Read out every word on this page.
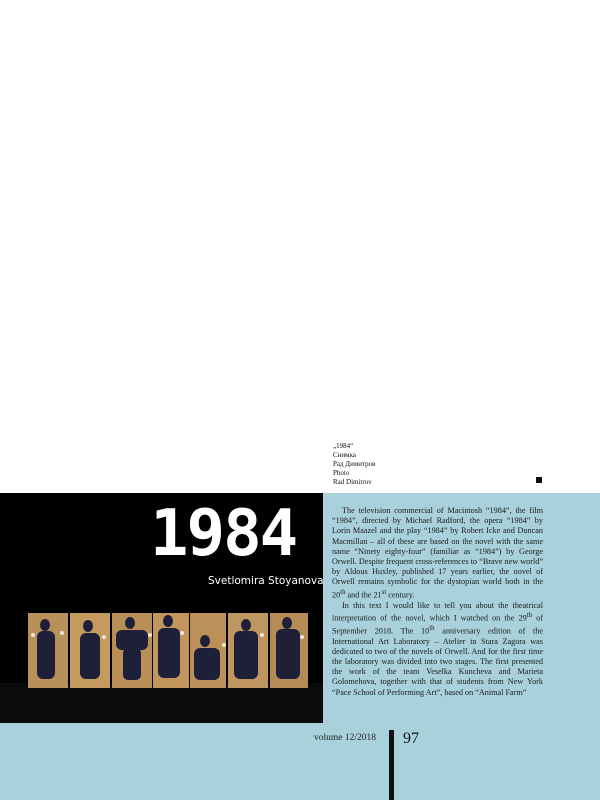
1984
Svetlomira Stoyanova
„1984“
Снимка
Рад Димитров
Photo
Rad Dimitrov

The television commercial of Macintosh “1984”, the film “1984”, directed by Michael Radford, the opera “1984” by Lorin Maazel and the play “1984” by Robert Icke and Duncan Macmillan – all of these are based on the novel with the same name “Ninety eighty-four” (familiar as “1984”) by George Orwell. Despite frequent cross-references to “Brave new world” by Aldous Huxley, published 17 years earlier, the novel of Orwell remains symbolic for the dystopian world both in the 20th and the 21st century.

In this text I would like to tell you about the theatrical interpretation of the novel, which I watched on the 29th of September 2018. The 10th anniversary edition of the International Art Laboratory – Atelier in Stara Zagora was dedicated to two of the novels of Orwell. And for the first time the laboratory was divided into two stages. The first presented the work of the team Veselka Kuncheva and Marieta Golomehova, together with that of students from New York “Pace School of Performing Art”, based on “Animal Farm”

volume 12/2018 97
